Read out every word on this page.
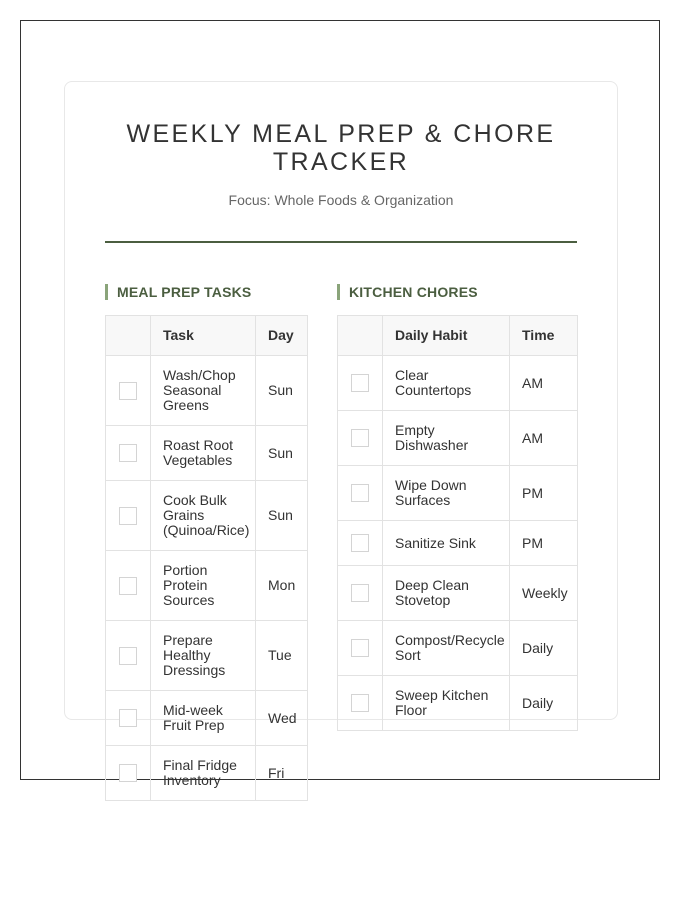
WEEKLY MEAL PREP & CHORE TRACKER
Focus: Whole Foods & Organization
MEAL PREP TASKS	KITCHEN CHORES
	Task	Day
	Wash/Chop Seasonal Greens	Sun
	Roast Root Vegetables	Sun
	Cook Bulk Grains (Quinoa/Rice)	Sun
	Portion Protein Sources	Mon
	Prepare Healthy Dressings	Tue
	Mid-week Fruit Prep	Wed
	Final Fridge Inventory	Fri
	Daily Habit	Time
	Clear Countertops	AM
	Empty Dishwasher	AM
	Wipe Down Surfaces	PM
	Sanitize Sink	PM
	Deep Clean Stovetop	Weekly
	Compost/Recycle Sort	Daily
	Sweep Kitchen Floor	Daily
